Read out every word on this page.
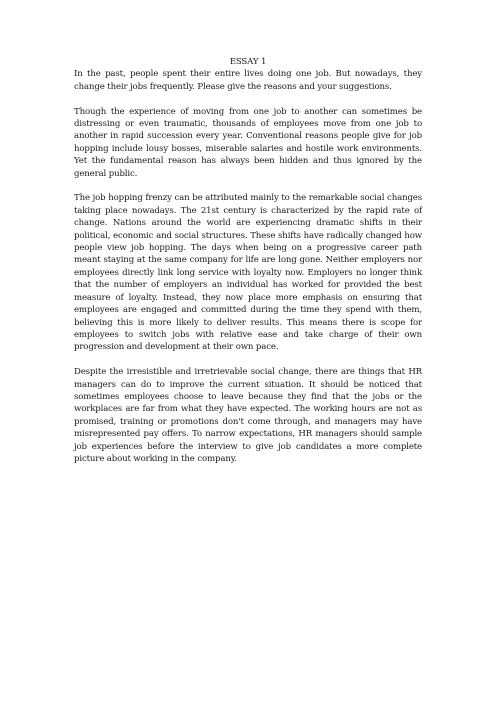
ESSAY 1

In the past, people spent their entire lives doing one job. But nowadays, they change their jobs frequently. Please give the reasons and your suggestions.

Though the experience of moving from one job to another can sometimes be distressing or even traumatic, thousands of employees move from one job to another in rapid succession every year. Conventional reasons people give for job hopping include lousy bosses, miserable salaries and hostile work environments. Yet the fundamental reason has always been hidden and thus ignored by the general public.

The job hopping frenzy can be attributed mainly to the remarkable social changes taking place nowadays. The 21st century is characterized by the rapid rate of change. Nations around the world are experiencing dramatic shifts in their political, economic and social structures. These shifts have radically changed how people view job hopping. The days when being on a progressive career path meant staying at the same company for life are long gone. Neither employers nor employees directly link long service with loyalty now. Employers no longer think that the number of employers an individual has worked for provided the best measure of loyalty. Instead, they now place more emphasis on ensuring that employees are engaged and committed during the time they spend with them, believing this is more likely to deliver results. This means there is scope for employees to switch jobs with relative ease and take charge of their own progression and development at their own pace.

Despite the irresistible and irretrievable social change, there are things that HR managers can do to improve the current situation. It should be noticed that sometimes employees choose to leave because they find that the jobs or the workplaces are far from what they have expected. The working hours are not as promised, training or promotions don't come through, and managers may have misrepresented pay offers. To narrow expectations, HR managers should sample job experiences before the interview to give job candidates a more complete picture about working in the company.
